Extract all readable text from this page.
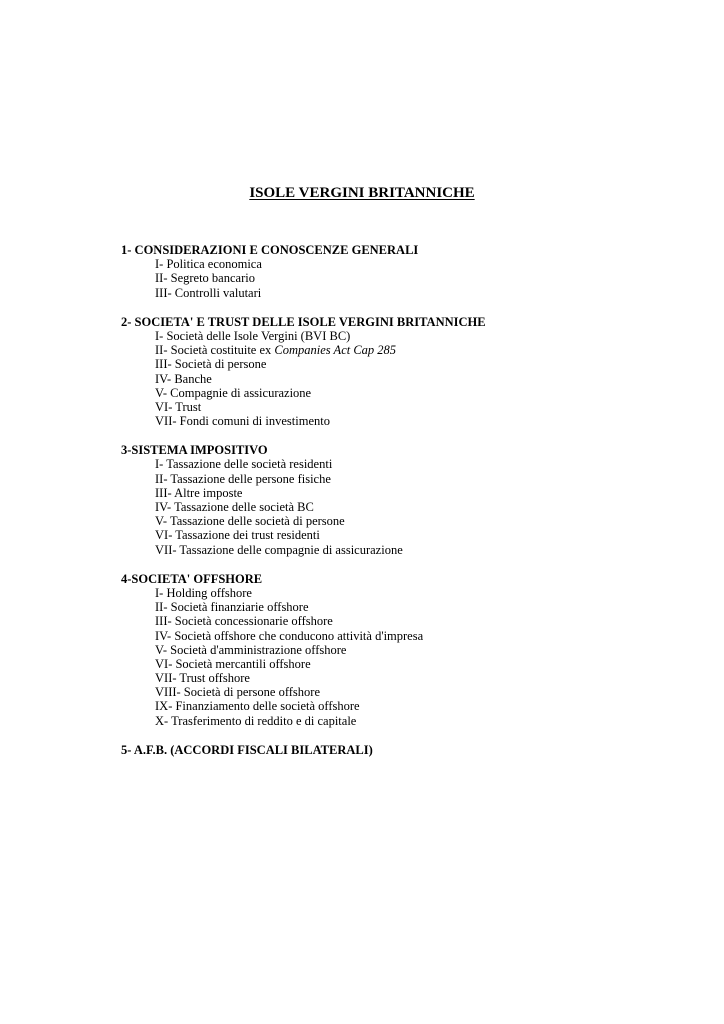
ISOLE VERGINI BRITANNICHE
1- CONSIDERAZIONI E CONOSCENZE GENERALI
I- Politica economica
II- Segreto bancario
III- Controlli valutari
2- SOCIETA' E TRUST DELLE ISOLE VERGINI BRITANNICHE
I- Società delle Isole Vergini (BVI BC)
II- Società costituite ex Companies Act Cap 285
III- Società di persone
IV- Banche
V- Compagnie di assicurazione
VI- Trust
VII- Fondi comuni di investimento
3-SISTEMA IMPOSITIVO
I- Tassazione delle società residenti
II- Tassazione delle persone fisiche
III- Altre imposte
IV- Tassazione delle società BC
V- Tassazione delle società di persone
VI- Tassazione dei trust residenti
VII- Tassazione delle compagnie di assicurazione
4-SOCIETA' OFFSHORE
I- Holding offshore
II- Società finanziarie offshore
III- Società concessionarie offshore
IV- Società offshore che conducono attività d'impresa
V- Società d'amministrazione offshore
VI- Società mercantili offshore
VII- Trust offshore
VIII- Società di persone offshore
IX- Finanziamento delle società offshore
X- Trasferimento di reddito e di capitale
5- A.F.B. (ACCORDI FISCALI BILATERALI)
